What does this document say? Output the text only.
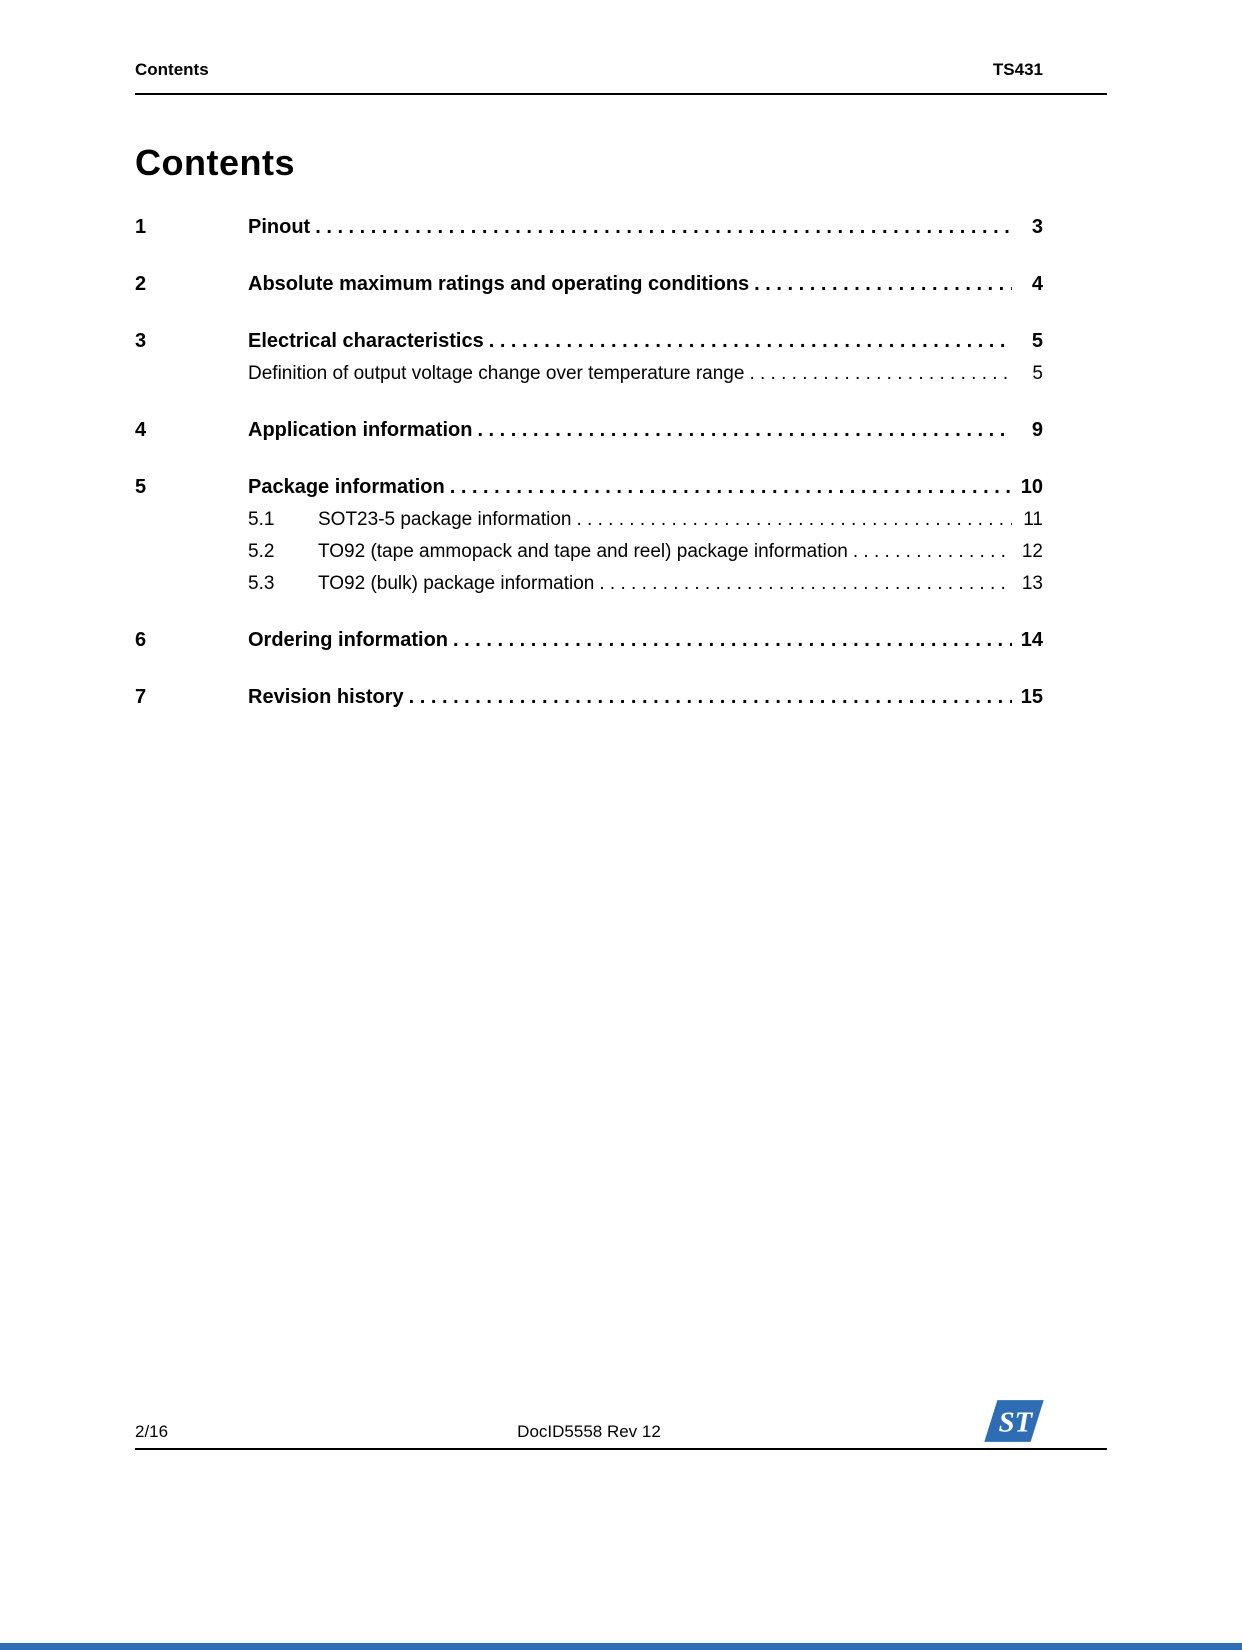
Contents	TS431
Contents
1	Pinout . . .	3
2	Absolute maximum ratings and operating conditions . . .	4
3	Electrical characteristics . . .	5
Definition of output voltage change over temperature range . . .	5
4	Application information . . .	9
5	Package information . . .	10
5.1	SOT23-5 package information . . .	11
5.2	TO92 (tape ammopack and tape and reel) package information . . .	12
5.3	TO92 (bulk) package information . . .	13
6	Ordering information . . .	14
7	Revision history . . .	15
2/16	DocID5558 Rev 12	ST
